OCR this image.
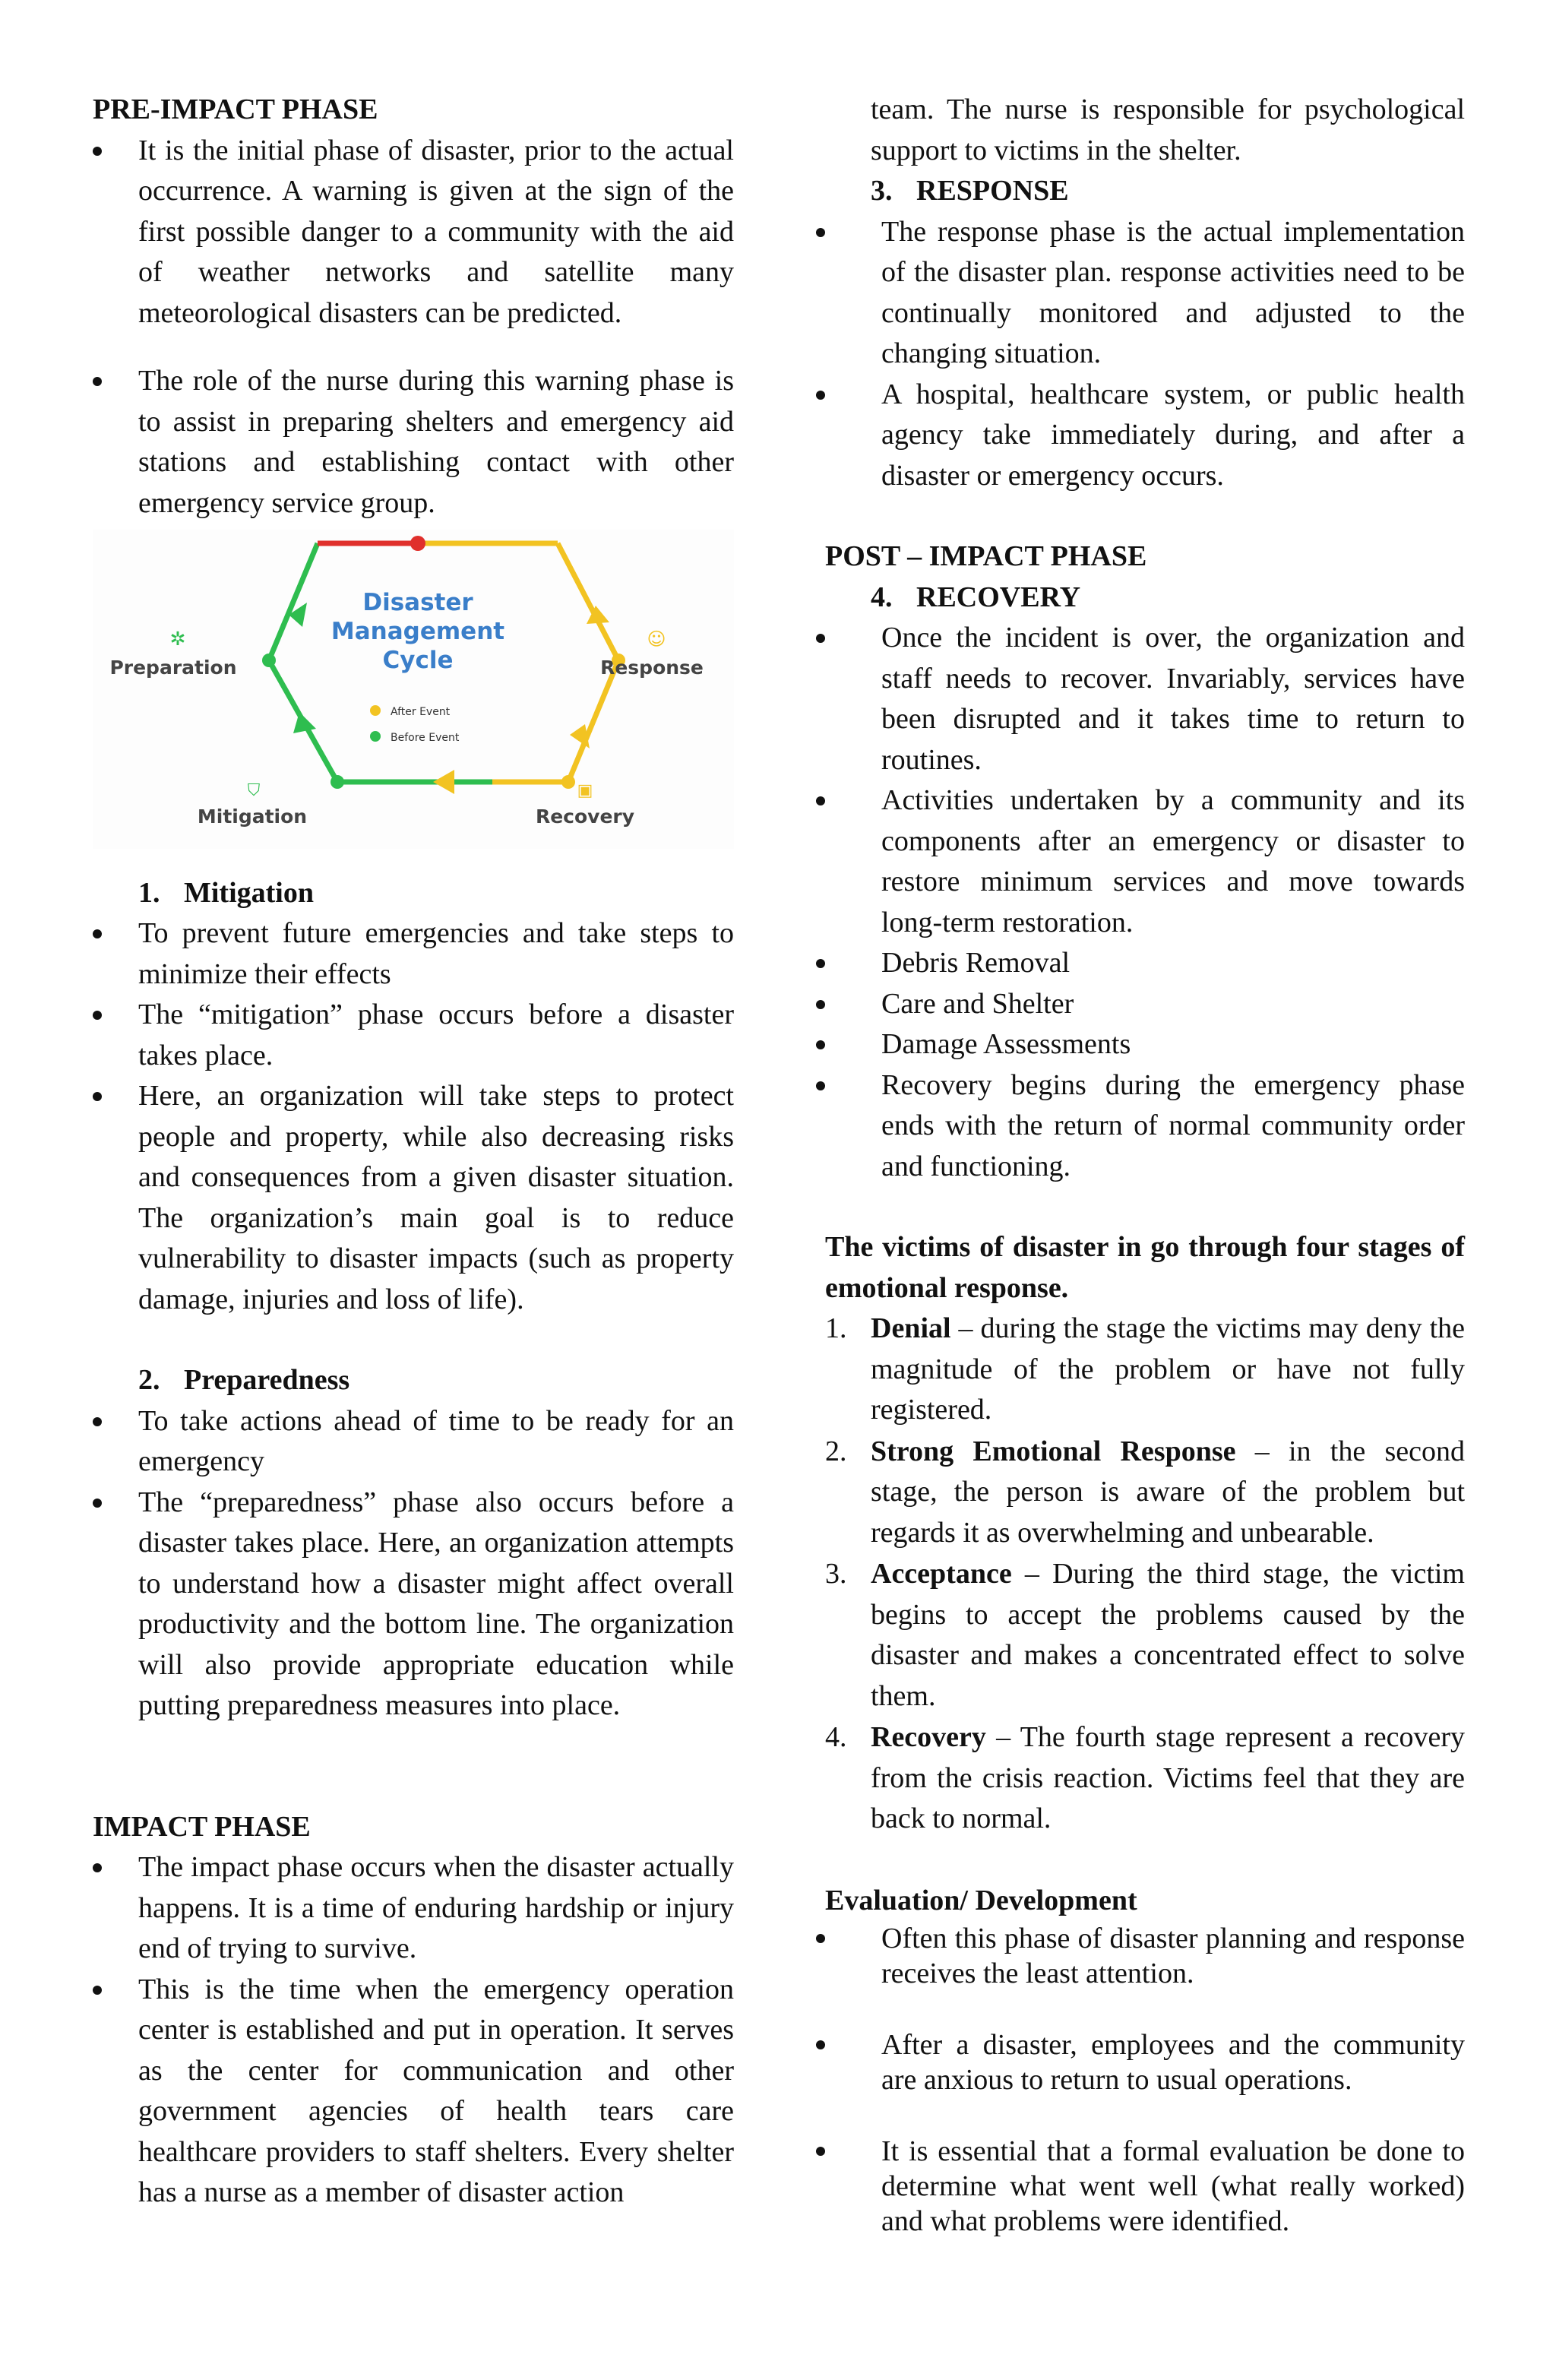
PRE-IMPACT PHASE

It is the initial phase of disaster, prior to the actual occurrence. A warning is given at the sign of the first possible danger to a community with the aid of weather networks and satellite many meteorological disasters can be predicted.
The role of the nurse during this warning phase is to assist in preparing shelters and emergency aid stations and establishing contact with other emergency service group.
Disaster
Management
Cycle
After Event
Before Event
✲
Preparation
☺
Response
⛉
Mitigation
▣
Recovery
1. Mitigation
To prevent future emergencies and take steps to minimize their effects
The “mitigation” phase occurs before a disaster takes place.
Here, an organization will take steps to protect people and property, while also decreasing risks and consequences from a given disaster situation. The organization’s main goal is to reduce vulnerability to disaster impacts (such as property damage, injuries and loss of life).
2. Preparedness
To take actions ahead of time to be ready for an emergency
The “preparedness” phase also occurs before a disaster takes place. Here, an organization attempts to understand how a disaster might affect overall productivity and the bottom line. The organization will also provide appropriate education while putting preparedness measures into place.

IMPACT PHASE

The impact phase occurs when the disaster actually happens. It is a time of enduring hardship or injury end of trying to survive.
This is the time when the emergency operation center is established and put in operation. It serves as the center for communication and other government agencies of health tears care healthcare providers to staff shelters. Every shelter has a nurse as a member of disaster action
team. The nurse is responsible for psychological support to victims in the shelter.
3. RESPONSE
The response phase is the actual implementation of the disaster plan. response activities need to be continually monitored and adjusted to the changing situation.
A hospital, healthcare system, or public health agency take immediately during, and after a disaster or emergency occurs.

POST – IMPACT PHASE

4. RECOVERY
Once the incident is over, the organization and staff needs to recover. Invariably, services have been disrupted and it takes time to return to routines.
Activities undertaken by a community and its components after an emergency or disaster to restore minimum services and move towards long-term restoration.
Debris Removal
Care and Shelter
Damage Assessments
Recovery begins during the emergency phase ends with the return of normal community order and functioning.

The victims of disaster in go through four stages of emotional response.

1. Denial – during the stage the victims may deny the magnitude of the problem or have not fully registered.
2. Strong Emotional Response – in the second stage, the person is aware of the problem but regards it as overwhelming and unbearable.
3. Acceptance – During the third stage, the victim begins to accept the problems caused by the disaster and makes a concentrated effect to solve them.
4. Recovery – The fourth stage represent a recovery from the crisis reaction. Victims feel that they are back to normal.

Evaluation/ Development

Often this phase of disaster planning and response receives the least attention.
After a disaster, employees and the community are anxious to return to usual operations.
It is essential that a formal evaluation be done to determine what went well (what really worked) and what problems were identified.
